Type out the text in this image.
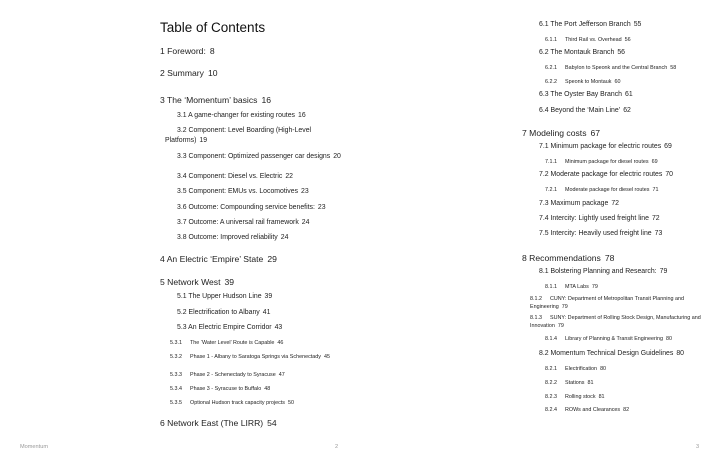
Table of Contents
1 Foreword: 8
2 Summary 10
3 The ‘Momentum’ basics 16
3.1 A game-changer for existing routes 16
3.2 Component: Level Boarding (High-Level Platforms) 19
3.3 Component: Optimized passenger car designs 20
3.4 Component: Diesel vs. Electric 22
3.5 Component: EMUs vs. Locomotives 23
3.6 Outcome: Compounding service benefits: 23
3.7 Outcome: A universal rail framework 24
3.8 Outcome: Improved reliability 24
4 An Electric ‘Empire’ State 29
5 Network West 39
5.1 The Upper Hudson Line 39
5.2 Electrification to Albany 41
5.3 An Electric Empire Corridor 43
5.3.1 The ‘Water Level’ Route is Capable 46
5.3.2 Phase 1 - Albany to Saratoga Springs via Schenectady 45
5.3.3 Phase 2 - Schenectady to Syracuse 47
5.3.4 Phase 3 - Syracuse to Buffalo 48
5.3.5 Optional Hudson track capacity projects 50
6 Network East (The LIRR) 54
Momentum	2
6.1 The Port Jefferson Branch 55
6.1.1 Third Rail vs. Overhead 56
6.2 The Montauk Branch 56
6.2.1 Babylon to Speonk and the Central Branch 58
6.2.2 Speonk to Montauk 60
6.3 The Oyster Bay Branch 61
6.4 Beyond the ‘Main Line’ 62
7 Modeling costs 67
7.1 Minimum package for electric routes 69
7.1.1 Minimum package for diesel routes 69
7.2 Moderate package for electric routes 70
7.2.1 Moderate package for diesel routes 71
7.3 Maximum package 72
7.4 Intercity: Lightly used freight line 72
7.5 Intercity: Heavily used freight line 73
8 Recommendations 78
8.1 Bolstering Planning and Research: 79
8.1.1 MTA Labs 79
8.1.2 CUNY: Department of Metropolitan Transit Planning and Engineering 79
8.1.3 SUNY: Department of Rolling Stock Design, Manufacturing and Innovation 79
8.1.4 Library of Planning & Transit Engineering 80
8.2 Momentum Technical Design Guidelines 80
8.2.1 Electrification 80
8.2.2 Stations 81
8.2.3 Rolling stock 81
8.2.4 ROWs and Clearances 82
3
